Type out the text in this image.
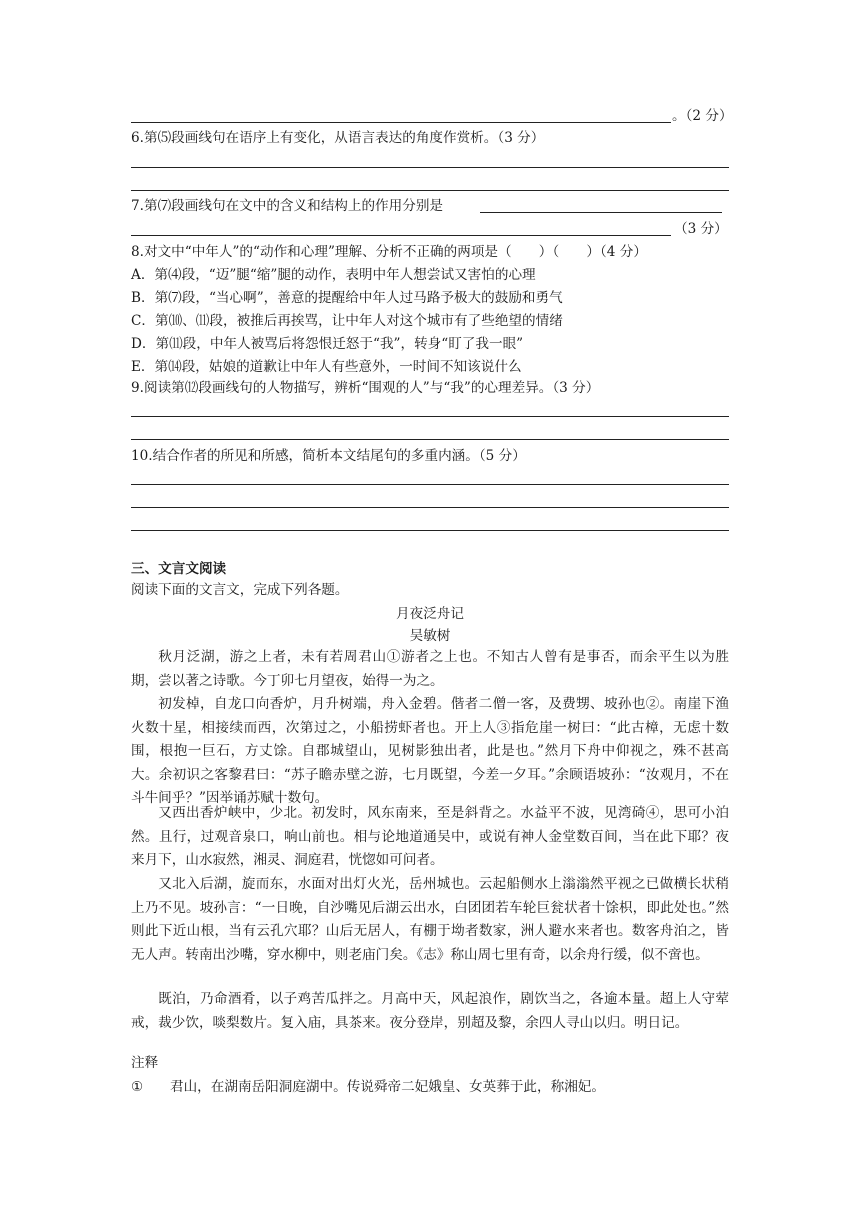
。（2 分）
6.第⑸段画线句在语序上有变化，从语言表达的角度作赏析。（3 分）
7.第⑺段画线句在文中的含义和结构上的作用分别是
（3 分）
8.对文中“中年人”的“动作和心理”理解、分析不正确的两项是（　　）（　　）（4 分）
A．第⑷段，“迈”腿“缩”腿的动作，表明中年人想尝试又害怕的心理
B．第⑺段，“当心啊”，善意的提醒给中年人过马路予极大的鼓励和勇气
C．第⑽、⑾段，被推后再挨骂，让中年人对这个城市有了些绝望的情绪
D．第⑾段，中年人被骂后将怨恨迁怒于“我”，转身“盯了我一眼”
E．第⒁段，姑娘的道歉让中年人有些意外，一时间不知该说什么
9.阅读第⑿段画线句的人物描写，辨析“围观的人”与“我”的心理差异。（3 分）
10.结合作者的所见和所感，简析本文结尾句的多重内涵。（5 分）
三、文言文阅读
阅读下面的文言文，完成下列各题。
月夜泛舟记
吴敏树
秋月泛湖，游之上者，未有若周君山①游者之上也。不知古人曾有是事否，而余平生以为胜期，尝以著之诗歌。今丁卯七月望夜，始得一为之。
初发棹，自龙口向香炉，月升树端，舟入金碧。偕者二僧一客，及费甥、坡孙也②。南崖下渔火数十星，相接续而西，次第过之，小船捞虾者也。开上人③指危崖一树曰：“此古樟，无虑十数围，根抱一巨石，方丈馀。自郡城望山，见树影独出者，此是也。”然月下舟中仰视之，殊不甚高大。余初识之客黎君曰：“苏子瞻赤壁之游，七月既望，今差一夕耳。”余顾语坡孙：“汝观月，不在斗牛间乎？”因举诵苏赋十数句。
又西出香炉峡中，少北。初发时，风东南来，至是斜背之。水益平不波，见湾碕④，思可小泊然。且行，过观音泉口，响山前也。相与论地道通吴中，或说有神人金堂数百间，当在此下耶？夜来月下，山水寂然，湘灵、洞庭君，恍惚如可问者。
又北入后湖，旋而东，水面对出灯火光，岳州城也。云起船侧水上滃滃然平视之已做横长状稍上乃不见。坡孙言：“一日晚，自沙嘴见后湖云出水，白团团若车轮巨瓮状者十馀枳，即此处也。”然则此下近山根，当有云孔穴耶？山后无居人，有棚于坳者数家，洲人避水来者也。数客舟泊之，皆无人声。转南出沙嘴，穿水柳中，则老庙门矣。《志》称山周七里有奇，以余舟行缓，似不啻也。
既泊，乃命酒肴，以子鸡苦瓜拌之。月高中天，风起浪作，剧饮当之，各逾本量。超上人守荤戒，裁少饮，啖梨数片。复入庙，具茶来。夜分登岸，别超及黎，余四人寻山以归。明日记。
注释
① 君山，在湖南岳阳洞庭湖中。传说舜帝二妃娥皇、女英葬于此，称湘妃。
